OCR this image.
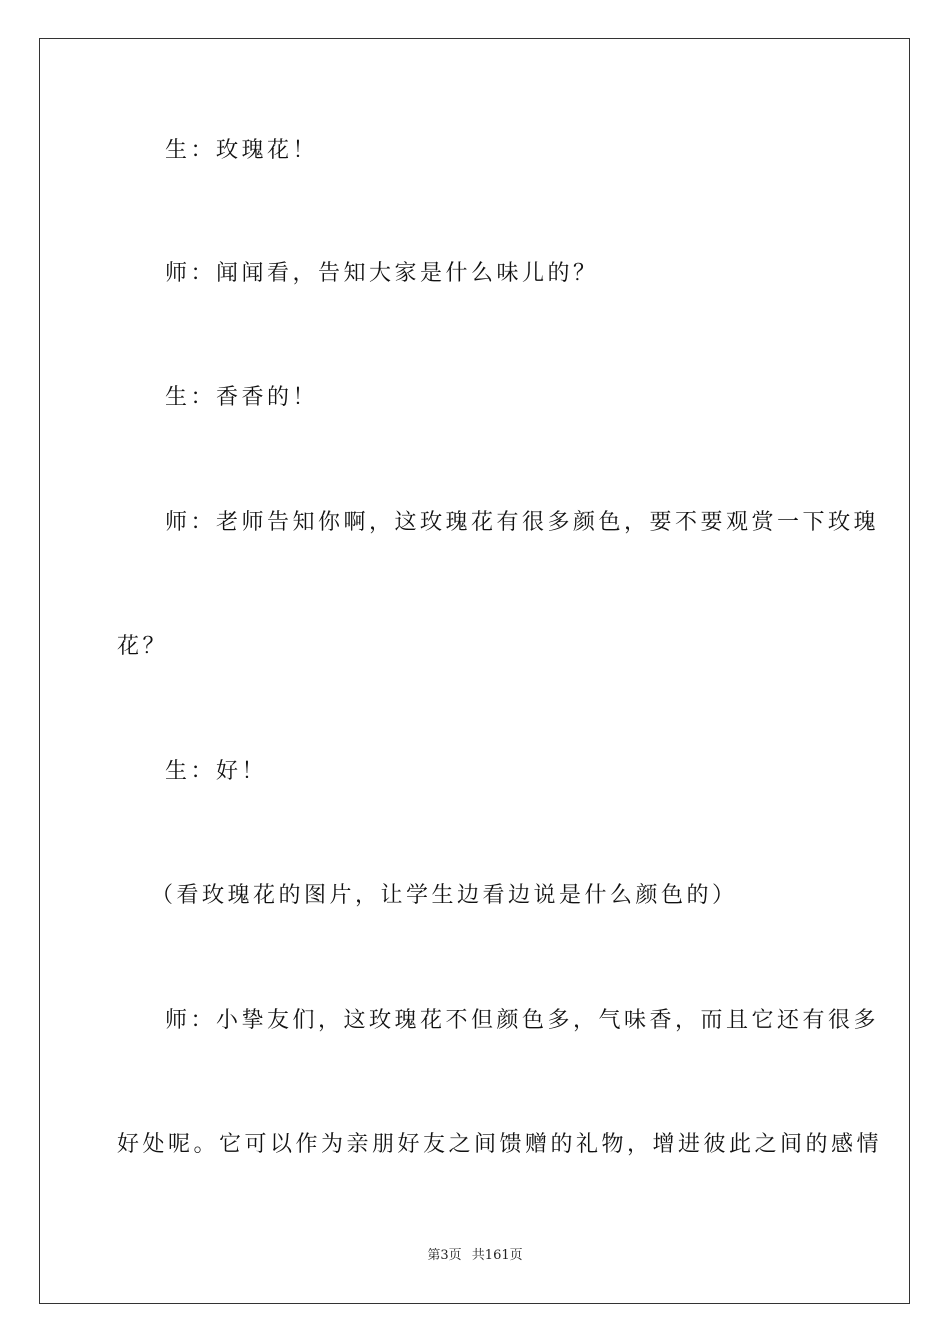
生：玫瑰花！
师：闻闻看，告知大家是什么味儿的？
生：香香的！
师：老师告知你啊，这玫瑰花有很多颜色，要不要观赏一下玫瑰
花？
生：好！
（看玫瑰花的图片，让学生边看边说是什么颜色的）
师：小挚友们，这玫瑰花不但颜色多，气味香，而且它还有很多
好处呢。它可以作为亲朋好友之间馈赠的礼物，增进彼此之间的感情
第3页 共161页
